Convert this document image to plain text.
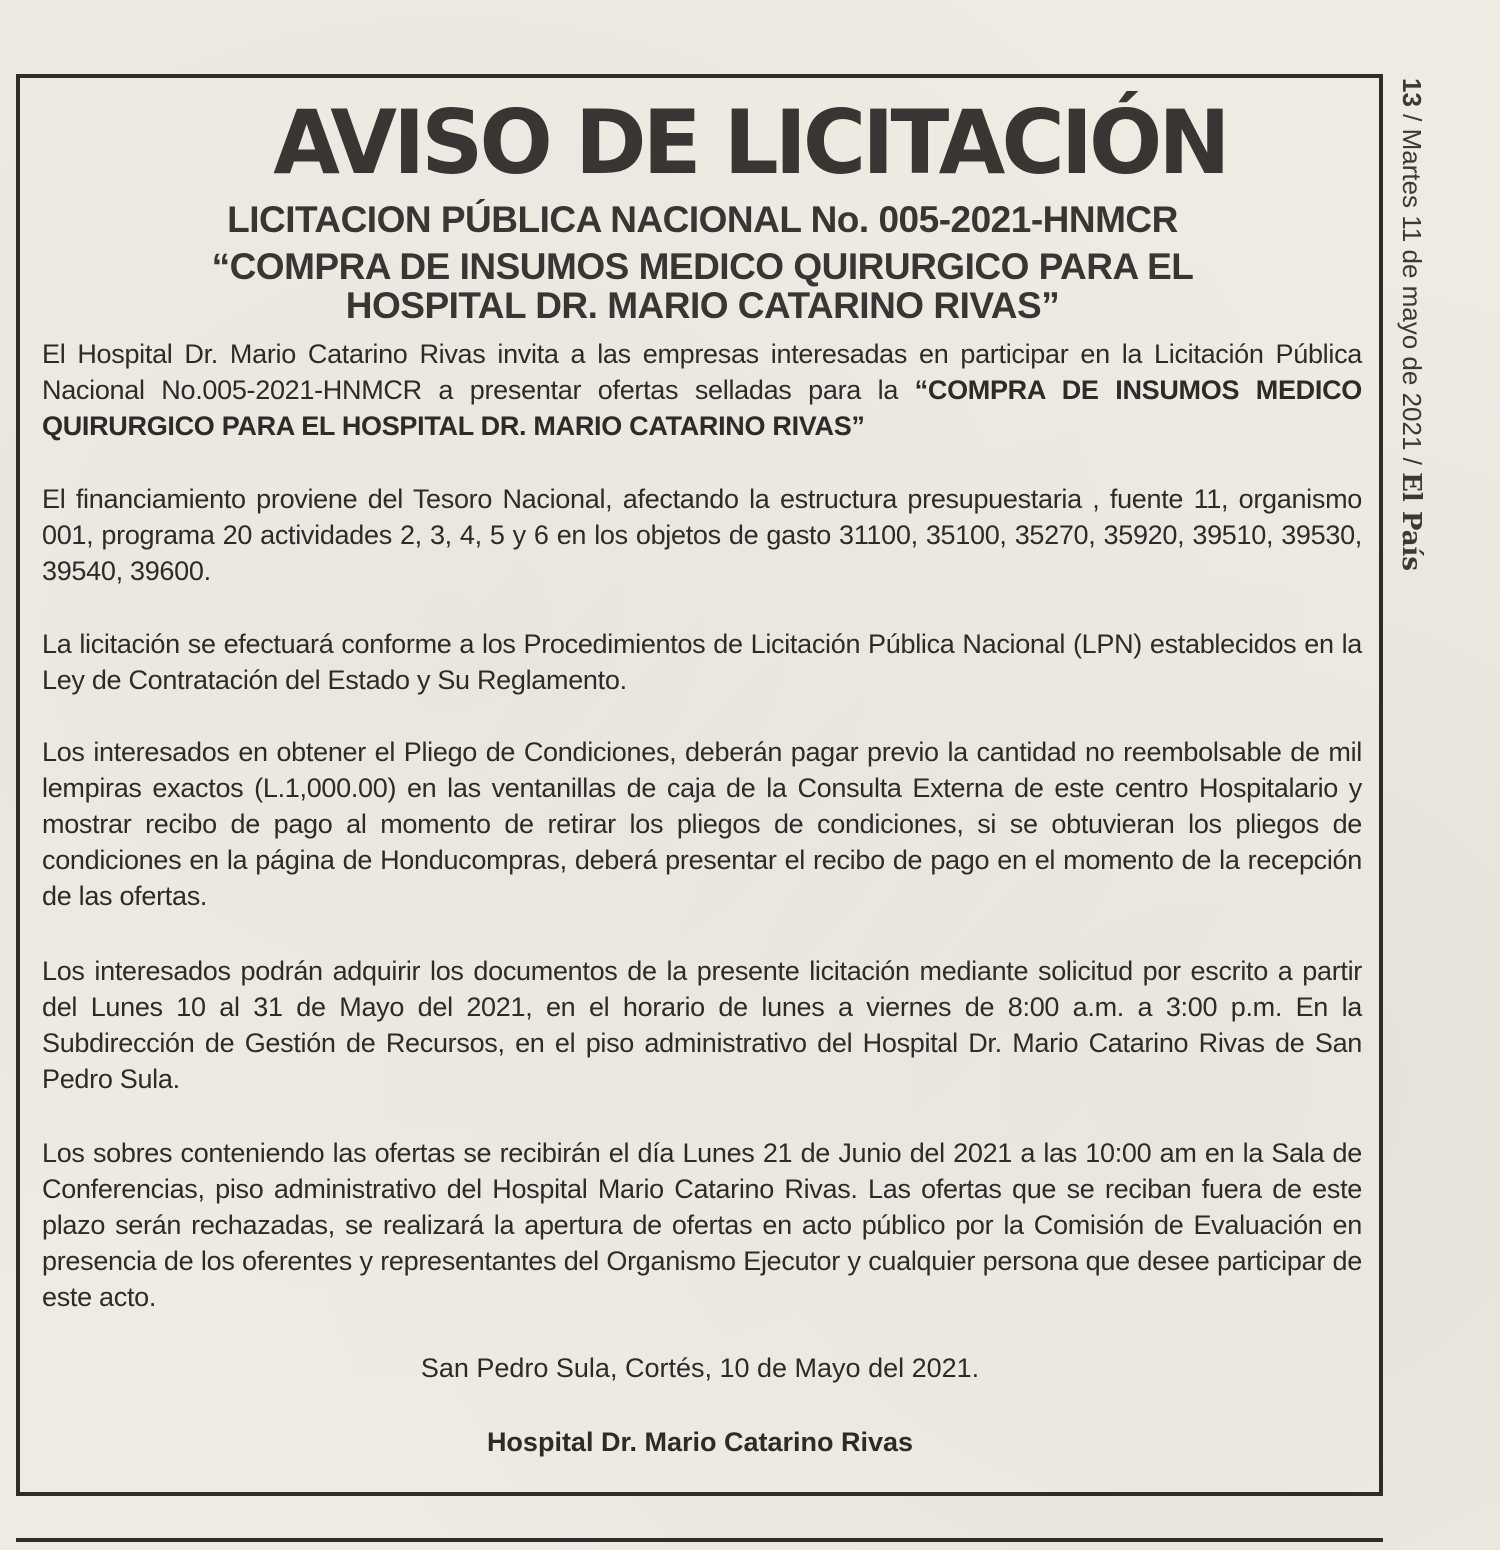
AVISO DE LICITACIÓN
LICITACION PÚBLICA NACIONAL No. 005-2021-HNMCR
“COMPRA DE INSUMOS MEDICO QUIRURGICO PARA EL
HOSPITAL DR. MARIO CATARINO RIVAS”
El Hospital Dr. Mario Catarino Rivas invita a las empresas interesadas en participar en la Licitación Pública Nacional No.005-2021-HNMCR a presentar ofertas selladas para la “COMPRA DE INSUMOS MEDICO QUIRURGICO PARA EL HOSPITAL DR. MARIO CATARINO RIVAS”
El financiamiento proviene del Tesoro Nacional, afectando la estructura presupuestaria , fuente 11, organismo 001, programa 20 actividades 2, 3, 4, 5 y 6 en los objetos de gasto 31100, 35100, 35270, 35920, 39510, 39530, 39540, 39600.
La licitación se efectuará conforme a los Procedimientos de Licitación Pública Nacional (LPN) establecidos en la Ley de Contratación del Estado y Su Reglamento.
Los interesados en obtener el Pliego de Condiciones, deberán pagar previo la cantidad no reembolsable de mil lempiras exactos (L.1,000.00) en las ventanillas de caja de la Consulta Externa de este centro Hospitalario y mostrar recibo de pago al momento de retirar los pliegos de condiciones, si se obtuvieran los pliegos de condiciones en la página de Honducompras, deberá presentar el recibo de pago en el momento de la recepción de las ofertas.
Los interesados podrán adquirir los documentos de la presente licitación mediante solicitud por escrito a partir del Lunes 10 al 31 de Mayo del 2021, en el horario de lunes a viernes de 8:00 a.m. a 3:00 p.m. En la Subdirección de Gestión de Recursos, en el piso administrativo del Hospital Dr. Mario Catarino Rivas de San Pedro Sula.
Los sobres conteniendo las ofertas se recibirán el día Lunes 21 de Junio del 2021 a las 10:00 am en la Sala de Conferencias, piso administrativo del Hospital Mario Catarino Rivas. Las ofertas que se reciban fuera de este plazo serán rechazadas, se realizará la apertura de ofertas en acto público por la Comisión de Evaluación en presencia de los oferentes y representantes del Organismo Ejecutor y cualquier persona que desee participar de este acto.
San Pedro Sula, Cortés, 10 de Mayo del 2021.
Hospital Dr. Mario Catarino Rivas
13 / Martes 11 de mayo de 2021 / El País
